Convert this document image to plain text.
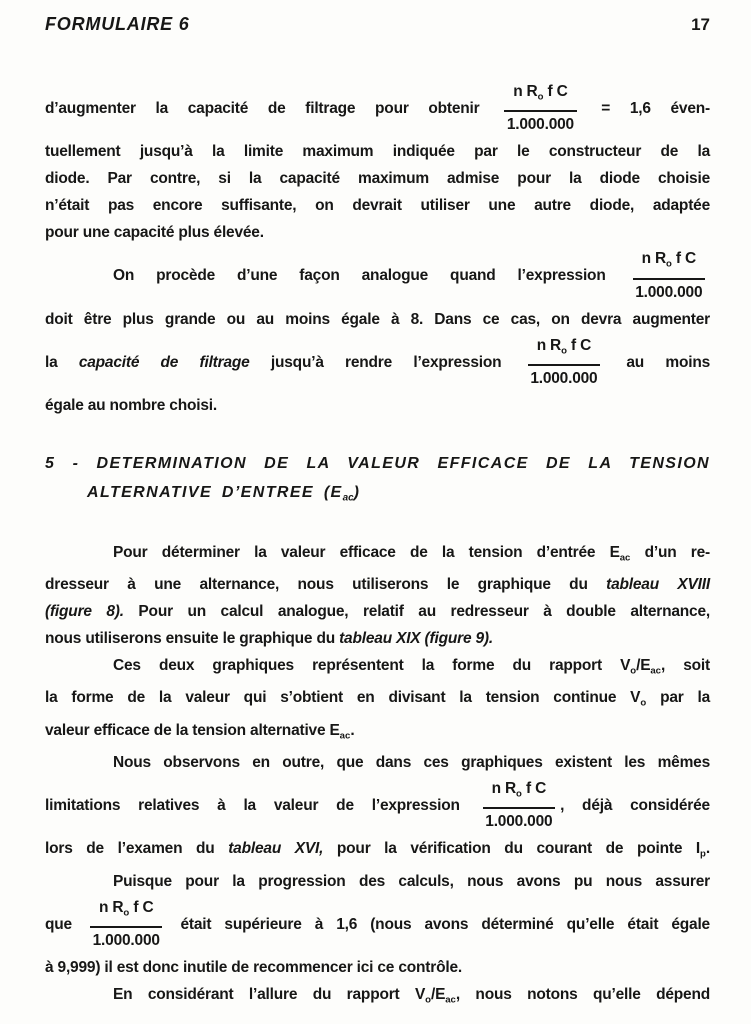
FORMULAIRE 6	17
d’augmenter la capacité de filtrage pour obtenir $\frac{n R_o f C}{1.000.000} = 1,6$ éven-
tuellement jusqu’à la limite maximum indiquée par le constructeur de la
diode. Par contre, si la capacité maximum admise pour la diode choisie
n’était pas encore suffisante, on devrait utiliser une autre diode, adaptée
pour une capacité plus élevée.
On procède d’une façon analogue quand l’expression $\frac{n R_o f C}{1.000.000}$
doit être plus grande ou au moins égale à 8. Dans ce cas, on devra augmenter
la capacité de filtrage jusqu’à rendre l’expression $\frac{n R_o f C}{1.000.000}$ au moins
égale au nombre choisi.
5 - DETERMINATION DE LA VALEUR EFFICACE DE LA TENSION
ALTERNATIVE D’ENTREE $(E_{ac})$
Pour déterminer la valeur efficace de la tension d’entrée $E_{ac}$ d’un re-
dresseur à une alternance, nous utiliserons le graphique du tableau XVIII
(figure 8). Pour un calcul analogue, relatif au redresseur à double alternance,
nous utiliserons ensuite le graphique du tableau XIX (figure 9).
Ces deux graphiques représentent la forme du rapport $V_o/E_{ac}$, soit
la forme de la valeur qui s’obtient en divisant la tension continue $V_o$ par la
valeur efficace de la tension alternative $E_{ac}$.
Nous observons en outre, que dans ces graphiques existent les mêmes
limitations relatives à la valeur de l’expression $\frac{n R_o f C}{1.000.000}$ , déjà considérée
lors de l’examen du tableau XVI, pour la vérification du courant de pointe $I_p$.
Puisque pour la progression des calculs, nous avons pu nous assurer
que $\frac{n R_o f C}{1.000.000}$ était supérieure à 1,6 (nous avons déterminé qu’elle était égale
à 9,999) il est donc inutile de recommencer ici ce contrôle.
En considérant l’allure du rapport $V_o/E_{ac}$, nous notons qu’elle dépend
